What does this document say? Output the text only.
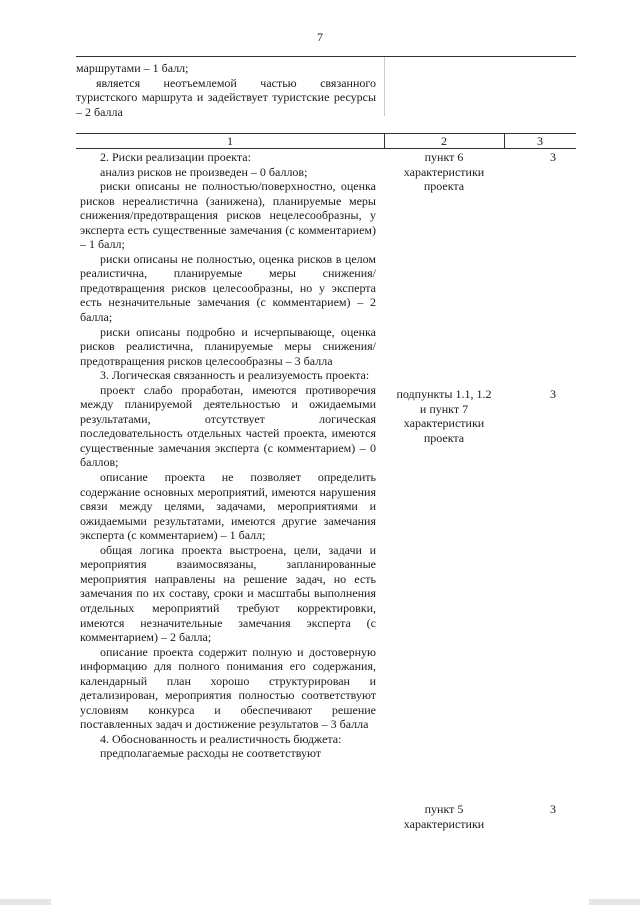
7

маршрутами – 1 балл;

является неотъемлемой частью связанного туристского маршрута и задействует туристские ресурсы – 2 балла

1	2	3

2. Риски реализации проекта:

анализ рисков не произведен – 0 баллов;

риски описаны не полностью/поверхностно, оценка рисков нереалистична (занижена), планируемые меры снижения/предотвращения рисков нецелесообразны, у эксперта есть существенные замечания (с комментарием) – 1 балл;

риски описаны не полностью, оценка рисков в целом реалистична, планируемые меры снижения/предотвращения рисков целесообразны, но у эксперта есть незначительные замечания (с комментарием) – 2 балла;

риски описаны подробно и исчерпывающе, оценка рисков реалистична, планируемые меры снижения/предотвращения рисков целесообразны – 3 балла

3. Логическая связанность и реализуемость проекта:

проект слабо проработан, имеются противоречия между планируемой деятельностью и ожидаемыми результатами, отсутствует логическая последовательность отдельных частей проекта, имеются существенные замечания эксперта (с комментарием) – 0 баллов;

описание проекта не позволяет определить содержание основных мероприятий, имеются нарушения связи между целями, задачами, мероприятиями и ожидаемыми результатами, имеются другие замечания эксперта (с комментарием) – 1 балл;

общая логика проекта выстроена, цели, задачи и мероприятия взаимосвязаны, запланированные мероприятия направлены на решение задач, но есть замечания по их составу, сроки и масштабы выполнения отдельных мероприятий требуют корректировки, имеются незначительные замечания эксперта (с комментарием) – 2 балла;

описание проекта содержит полную и достоверную информацию для полного понимания его содержания, календарный план хорошо структурирован и детализирован, мероприятия полностью соответствуют условиям конкурса и обеспечивают решение поставленных задач и достижение результатов – 3 балла

4. Обоснованность и реалистичность бюджета:

предполагаемые расходы не соответствуют

пункт 6 характеристики проекта
подпункты 1.1, 1.2 и пункт 7 характеристики проекта
пункт 5 характеристики
3
3
3
